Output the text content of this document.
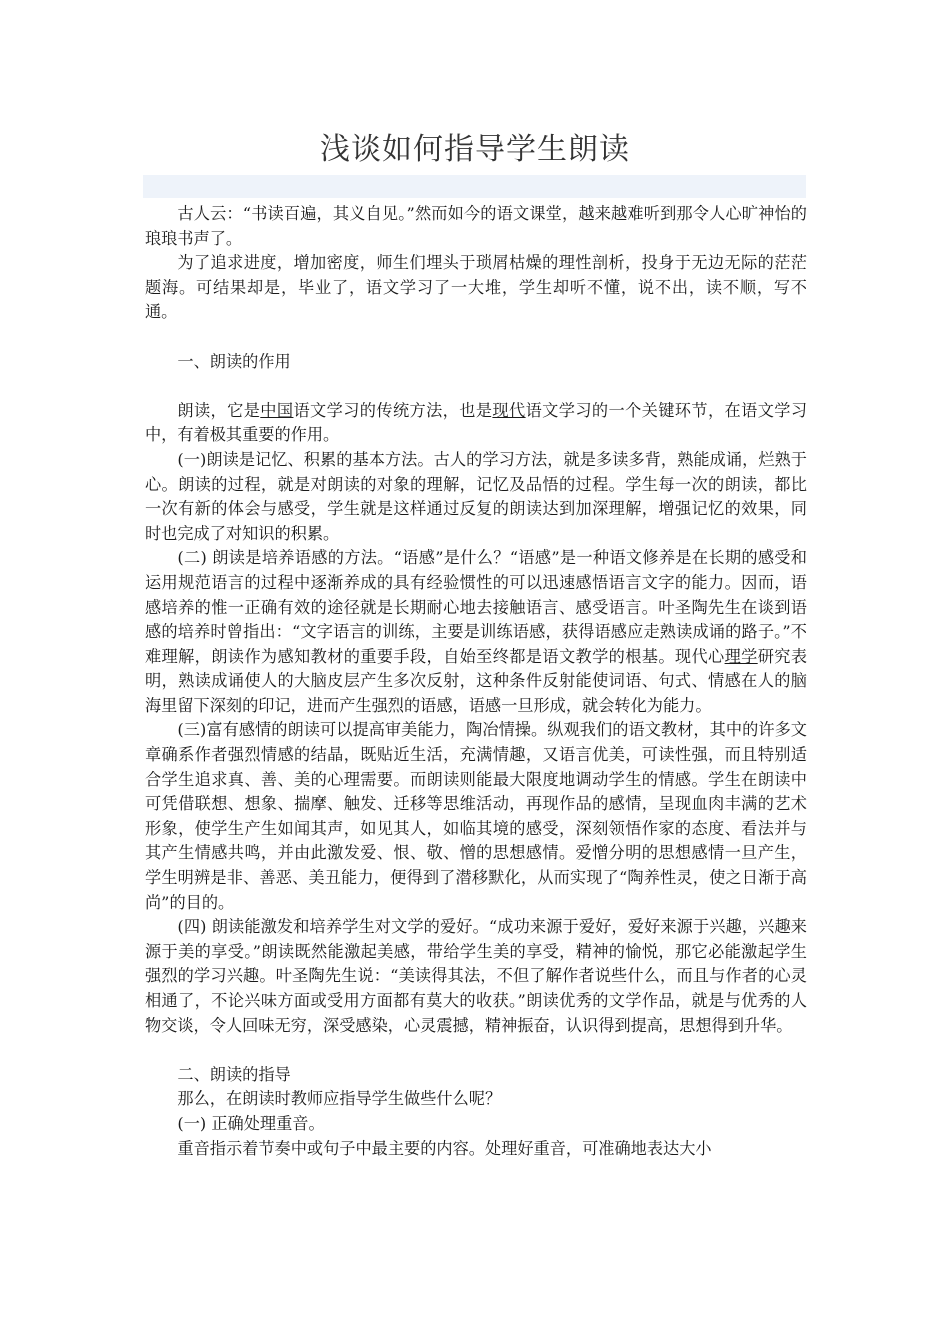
浅谈如何指导学生朗读

古人云：“书读百遍，其义自见。”然而如今的语文课堂，越来越难听到那令人心旷神怡的琅琅书声了。

为了追求进度，增加密度，师生们埋头于琐屑枯燥的理性剖析，投身于无边无际的茫茫题海。可结果却是，毕业了，语文学习了一大堆，学生却听不懂，说不出，读不顺，写不通。

一、朗读的作用

朗读，它是中国语文学习的传统方法，也是现代语文学习的一个关键环节，在语文学习中，有着极其重要的作用。

(一)朗读是记忆、积累的基本方法。古人的学习方法，就是多读多背，熟能成诵，烂熟于心。朗读的过程，就是对朗读的对象的理解，记忆及品悟的过程。学生每一次的朗读，都比一次有新的体会与感受，学生就是这样通过反复的朗读达到加深理解，增强记忆的效果，同时也完成了对知识的积累。

(二) 朗读是培养语感的方法。“语感”是什么？“语感”是一种语文修养是在长期的感受和运用规范语言的过程中逐渐养成的具有经验惯性的可以迅速感悟语言文字的能力。因而，语感培养的惟一正确有效的途径就是长期耐心地去接触语言、感受语言。叶圣陶先生在谈到语感的培养时曾指出：“文字语言的训练，主要是训练语感，获得语感应走熟读成诵的路子。”不难理解，朗读作为感知教材的重要手段，自始至终都是语文教学的根基。现代心理学研究表明，熟读成诵使人的大脑皮层产生多次反射，这种条件反射能使词语、句式、情感在人的脑海里留下深刻的印记，进而产生强烈的语感，语感一旦形成，就会转化为能力。

(三)富有感情的朗读可以提高审美能力，陶冶情操。纵观我们的语文教材，其中的许多文章确系作者强烈情感的结晶，既贴近生活，充满情趣，又语言优美，可读性强，而且特别适合学生追求真、善、美的心理需要。而朗读则能最大限度地调动学生的情感。学生在朗读中可凭借联想、想象、揣摩、触发、迁移等思维活动，再现作品的感情，呈现血肉丰满的艺术形象，使学生产生如闻其声，如见其人，如临其境的感受，深刻领悟作家的态度、看法并与其产生情感共鸣，并由此激发爱、恨、敬、憎的思想感情。爱憎分明的思想感情一旦产生，学生明辨是非、善恶、美丑能力，便得到了潜移默化，从而实现了“陶养性灵，使之日渐于高尚”的目的。

(四) 朗读能激发和培养学生对文学的爱好。“成功来源于爱好，爱好来源于兴趣，兴趣来源于美的享受。”朗读既然能激起美感，带给学生美的享受，精神的愉悦，那它必能激起学生强烈的学习兴趣。叶圣陶先生说：“美读得其法，不但了解作者说些什么，而且与作者的心灵相通了，不论兴味方面或受用方面都有莫大的收获。”朗读优秀的文学作品，就是与优秀的人物交谈，令人回味无穷，深受感染，心灵震撼，精神振奋，认识得到提高，思想得到升华。

二、朗读的指导

那么，在朗读时教师应指导学生做些什么呢？

(一) 正确处理重音。

重音指示着节奏中或句子中最主要的内容。处理好重音，可准确地表达大小
